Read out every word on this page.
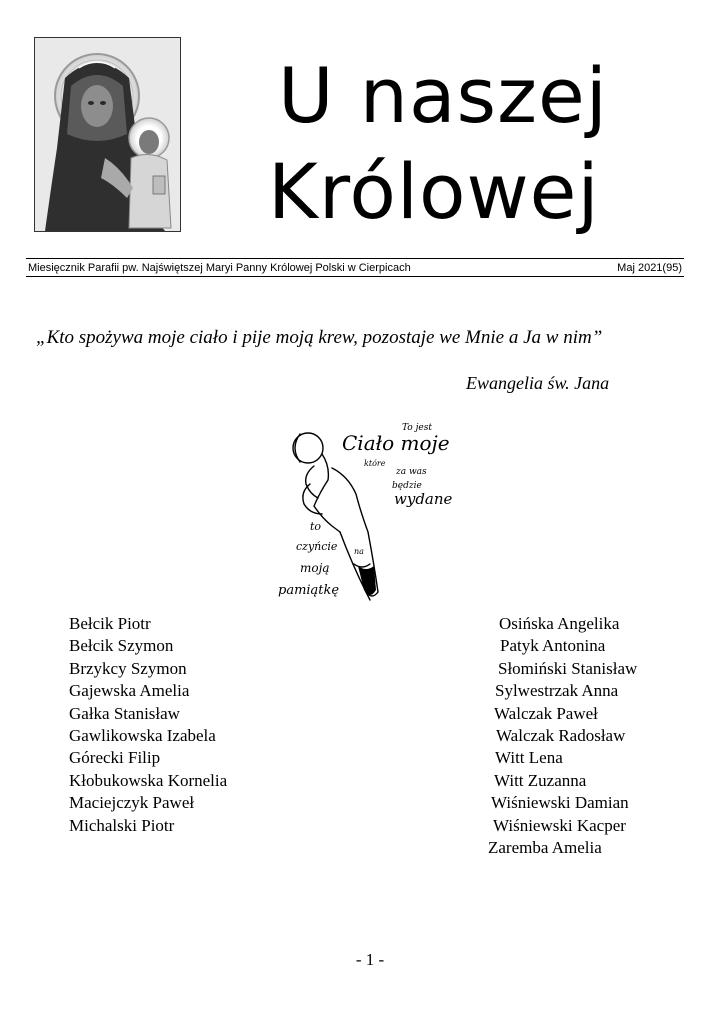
U naszej
Królowej
Miesięcznik Parafii pw. Najświętszej Maryi Panny Królowej Polski w Cierpicach	Maj 2021(95)
„Kto spożywa moje ciało i pije moją krew, pozostaje we Mnie a Ja w nim”
Ewangelia św. Jana
To jest
Ciało moje
które
za was
będzie
wydane
to
czyńcie na
moją
pamiątkę
Bełcik Piotr
Bełcik Szymon
Brzykcy Szymon
Gajewska Amelia
Gałka Stanisław
Gawlikowska Izabela
Górecki Filip
Kłobukowska Kornelia
Maciejczyk Paweł
Michalski Piotr
Osińska Angelika
Patyk Antonina
Słomiński Stanisław
Sylwestrzak Anna
Walczak Paweł
Walczak Radosław
Witt Lena
Witt Zuzanna
Wiśniewski Damian
Wiśniewski Kacper
Zaremba Amelia
- 1 -
